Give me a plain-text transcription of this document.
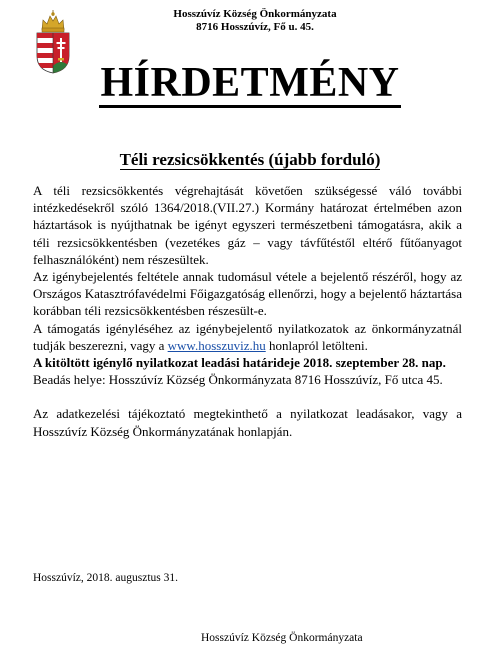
Hosszúvíz Község Önkormányzata
8716 Hosszúvíz, Fő u. 45.
HÍRDETMÉNY
Téli rezsicsökkentés (újabb forduló)

A téli rezsicsökkentés végrehajtását követően szükségessé váló további intézkedésekről szóló 1364/2018.(VII.27.) Kormány határozat értelmében azon háztartások is nyújthatnak be igényt egyszeri természetbeni támogatásra, akik a téli rezsicsökkentésben (vezetékes gáz – vagy távfűtéstől eltérő fűtőanyagot felhasználóként) nem részesültek.

Az igénybejelentés feltétele annak tudomásul vétele a bejelentő részéről, hogy az Országos Katasztrófavédelmi Főigazgatóság ellenőrzi, hogy a bejelentő háztartása korábban téli rezsicsökkentésben részesült-e.

A támogatás igényléséhez az igénybejelentő nyilatkozatok az önkormányzatnál tudják beszerezni, vagy a www.hosszuviz.hu honlapról letölteni.

A kitöltött igénylő nyilatkozat leadási határideje 2018. szeptember 28. nap.

Beadás helye: Hosszúvíz Község Önkormányzata 8716 Hosszúvíz, Fő utca 45.

Az adatkezelési tájékoztató megtekinthető a nyilatkozat leadásakor, vagy a Hosszúvíz Község Önkormányzatának honlapján.

Hosszúvíz, 2018. augusztus 31.
Hosszúvíz Község Önkormányzata
